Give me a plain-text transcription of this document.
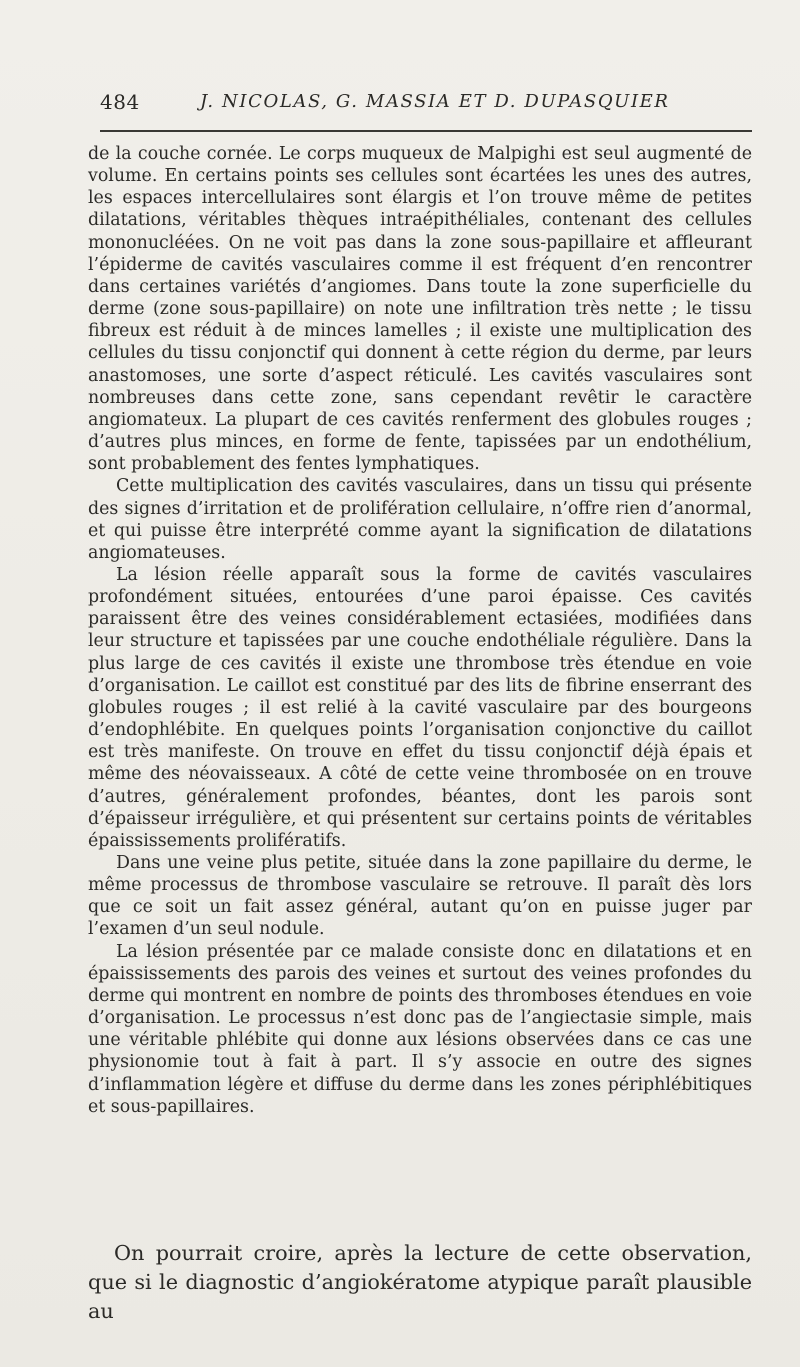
484	J. NICOLAS, G. MASSIA ET D. DUPASQUIER

de la couche cornée. Le corps muqueux de Malpighi est seul augmenté de volume. En certains points ses cellules sont écartées les unes des autres, les espaces intercellulaires sont élargis et l’on trouve même de petites dilatations, véritables thèques intraépithéliales, contenant des cellules mononucléées. On ne voit pas dans la zone sous-papillaire et affleurant l’épiderme de cavités vasculaires comme il est fréquent d’en rencontrer dans certaines variétés d’angiomes. Dans toute la zone superficielle du derme (zone sous-papillaire) on note une infiltration très nette ; le tissu fibreux est réduit à de minces lamelles ; il existe une multiplication des cellules du tissu conjonctif qui donnent à cette région du derme, par leurs anastomoses, une sorte d’aspect réticulé. Les cavités vasculaires sont nombreuses dans cette zone, sans cependant revêtir le caractère angiomateux. La plupart de ces cavités renferment des globules rouges ; d’autres plus minces, en forme de fente, tapissées par un endothélium, sont probablement des fentes lymphatiques.

Cette multiplication des cavités vasculaires, dans un tissu qui présente des signes d’irritation et de prolifération cellulaire, n’offre rien d’anormal, et qui puisse être interprété comme ayant la signification de dilatations angiomateuses.

La lésion réelle apparaît sous la forme de cavités vasculaires profondément situées, entourées d’une paroi épaisse. Ces cavités paraissent être des veines considérablement ectasiées, modifiées dans leur structure et tapissées par une couche endothéliale régulière. Dans la plus large de ces cavités il existe une thrombose très étendue en voie d’organisation. Le caillot est constitué par des lits de fibrine enserrant des globules rouges ; il est relié à la cavité vasculaire par des bourgeons d’endophlébite. En quelques points l’organisation conjonctive du caillot est très manifeste. On trouve en effet du tissu conjonctif déjà épais et même des néovaisseaux. A côté de cette veine thrombosée on en trouve d’autres, généralement profondes, béantes, dont les parois sont d’épaisseur irrégulière, et qui présentent sur certains points de véritables épaississements prolifératifs.

Dans une veine plus petite, située dans la zone papillaire du derme, le même processus de thrombose vasculaire se retrouve. Il paraît dès lors que ce soit un fait assez général, autant qu’on en puisse juger par l’examen d’un seul nodule.

La lésion présentée par ce malade consiste donc en dilatations et en épaississements des parois des veines et surtout des veines profondes du derme qui montrent en nombre de points des thromboses étendues en voie d’organisation. Le processus n’est donc pas de l’angiectasie simple, mais une véritable phlébite qui donne aux lésions observées dans ce cas une physionomie tout à fait à part. Il s’y associe en outre des signes d’inflammation légère et diffuse du derme dans les zones périphlébitiques et sous-papillaires.

On pourrait croire, après la lecture de cette observation, que si le diagnostic d’angiokératome atypique paraît plausible au
